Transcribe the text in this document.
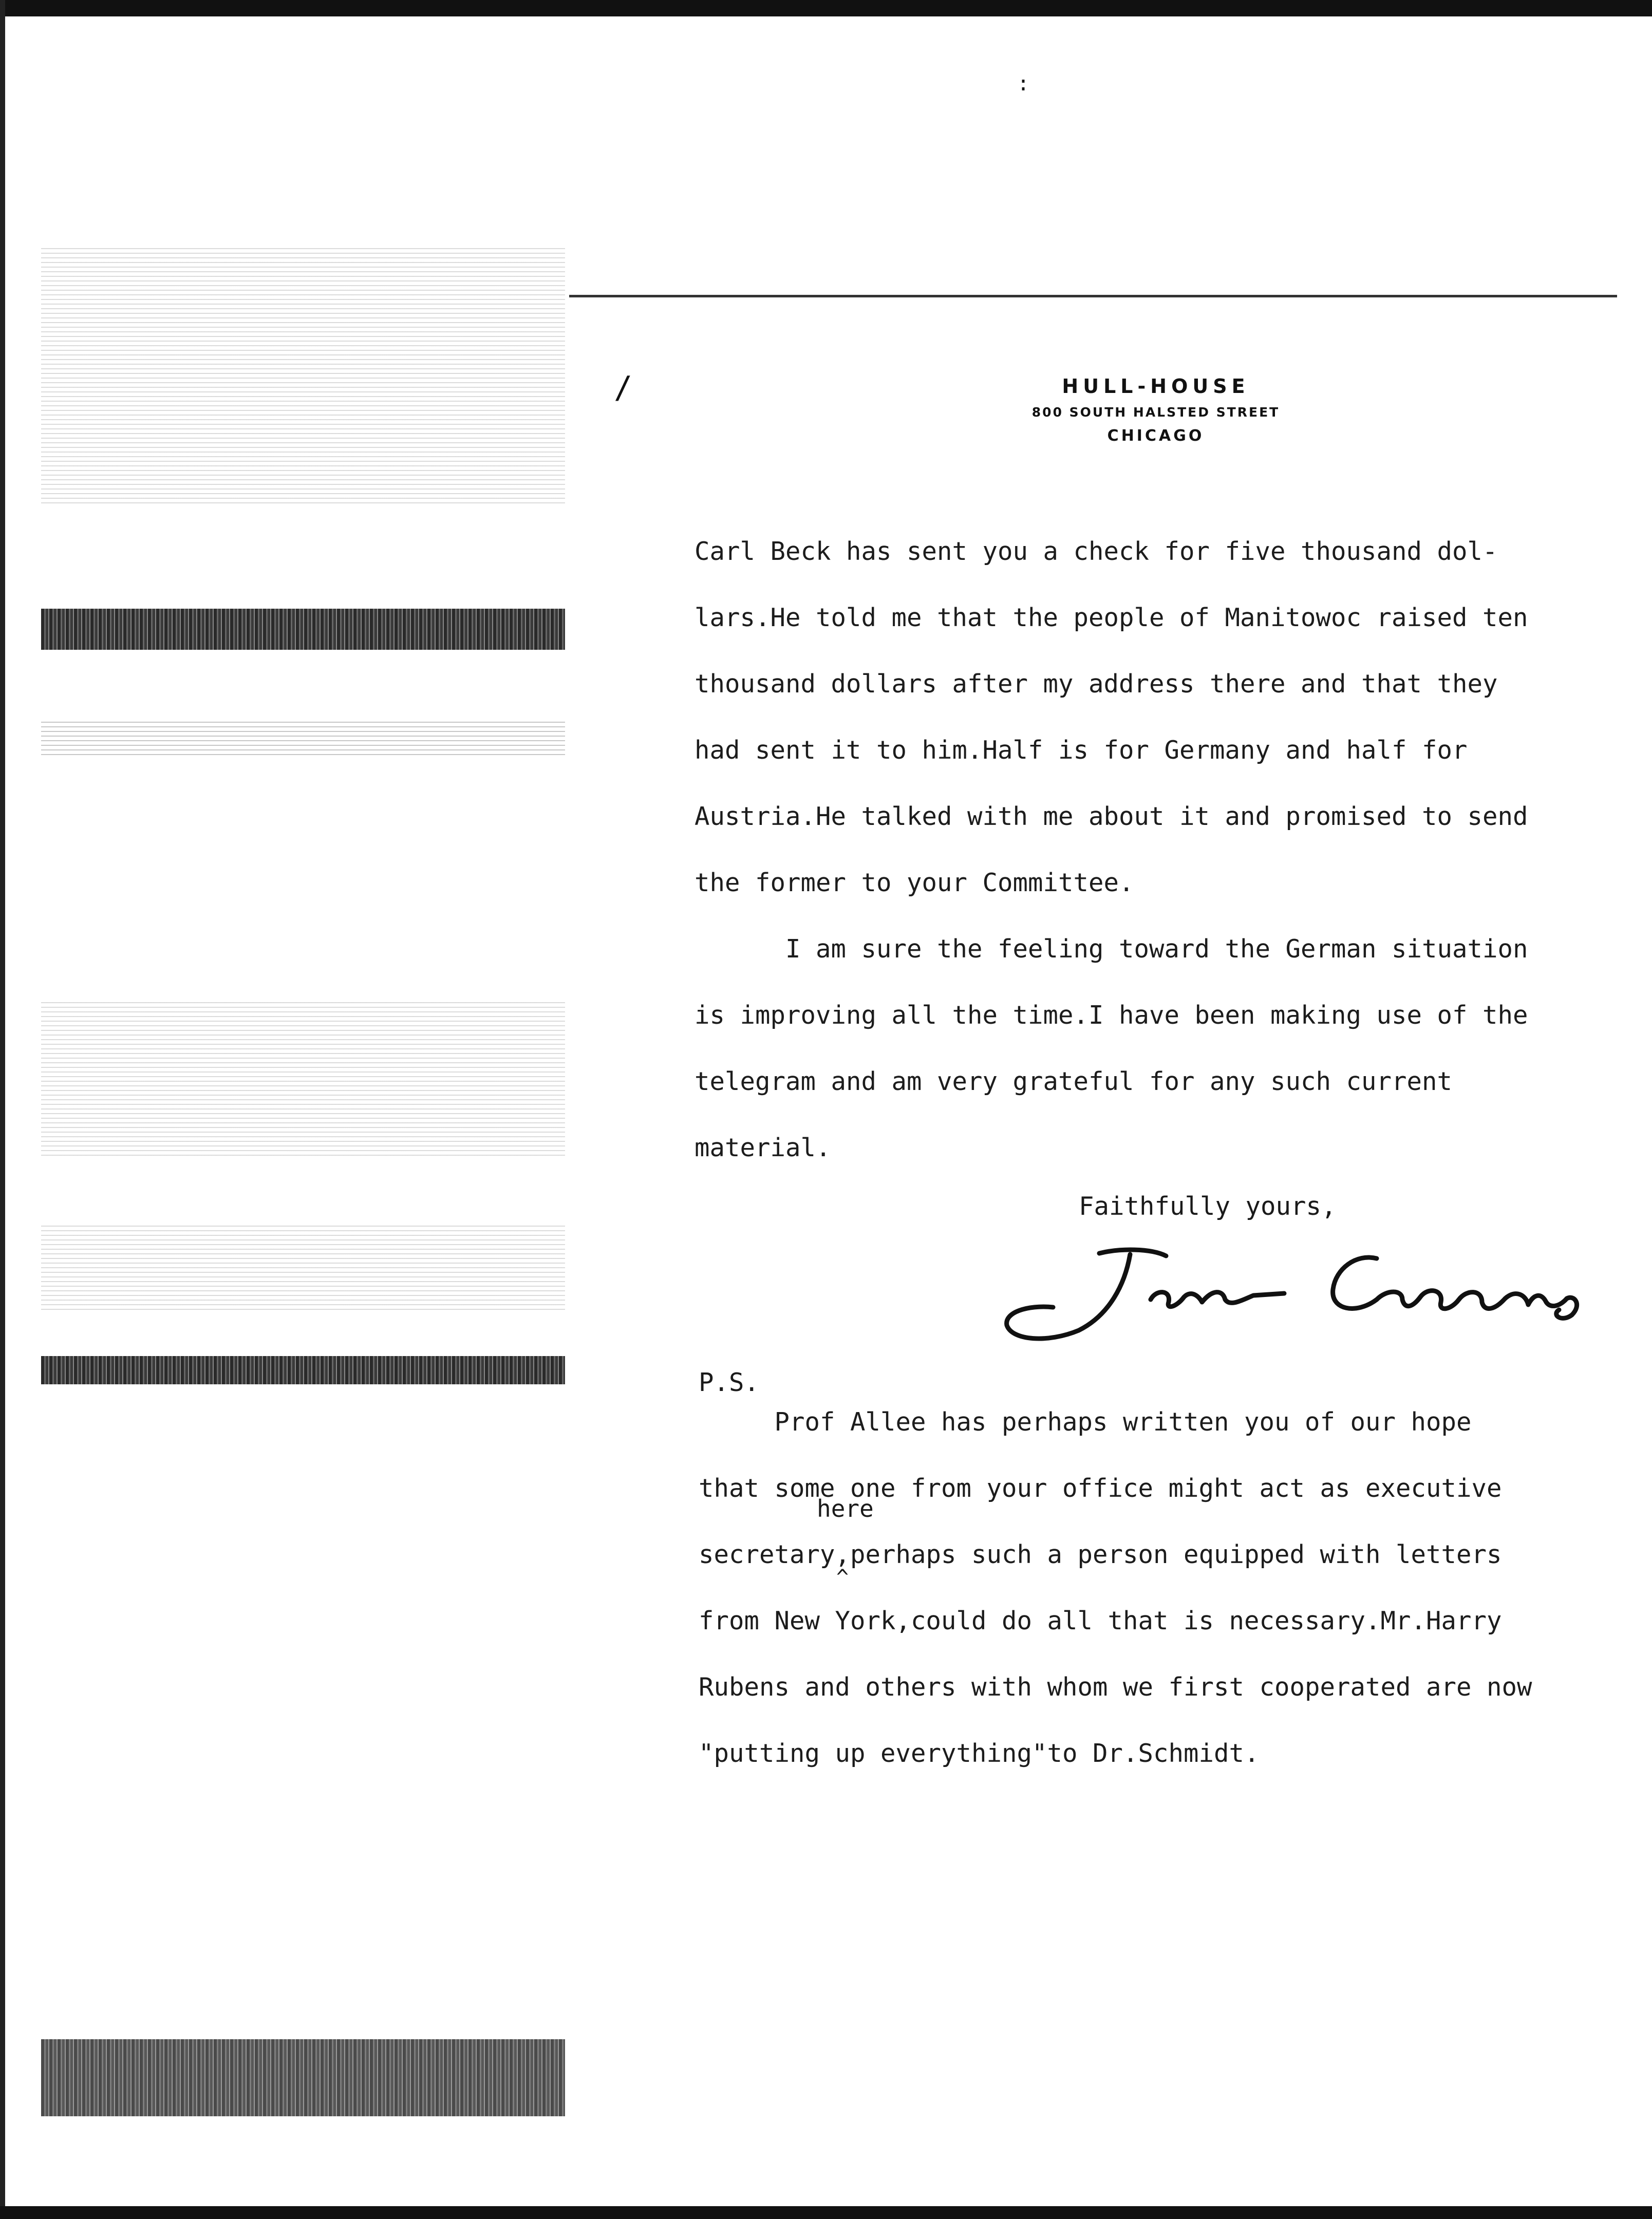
:
/	HULL-HOUSE
800 SOUTH HALSTED STREET
CHICAGO
Carl Beck has sent you a check for five thousand dol-
lars.He told me that the people of Manitowoc raised ten
thousand dollars after my address there and that they
had sent it to him.Half is for Germany and half for
Austria.He talked with me about it and promised to send
the former to your Committee.
I am sure the feeling toward the German situation
is improving all the time.I have been making use of the
telegram and am very grateful for any such current
material.
Faithfully yours,
P.S.
Prof Allee has perhaps written you of our hope
that some one from your office might act as executive
secretary,perhaps such a person equipped with letters
from New York,could do all that is necessary.Mr.Harry
Rubens and others with whom we first cooperated are now
"putting up everything"to Dr.Schmidt.
here
^
